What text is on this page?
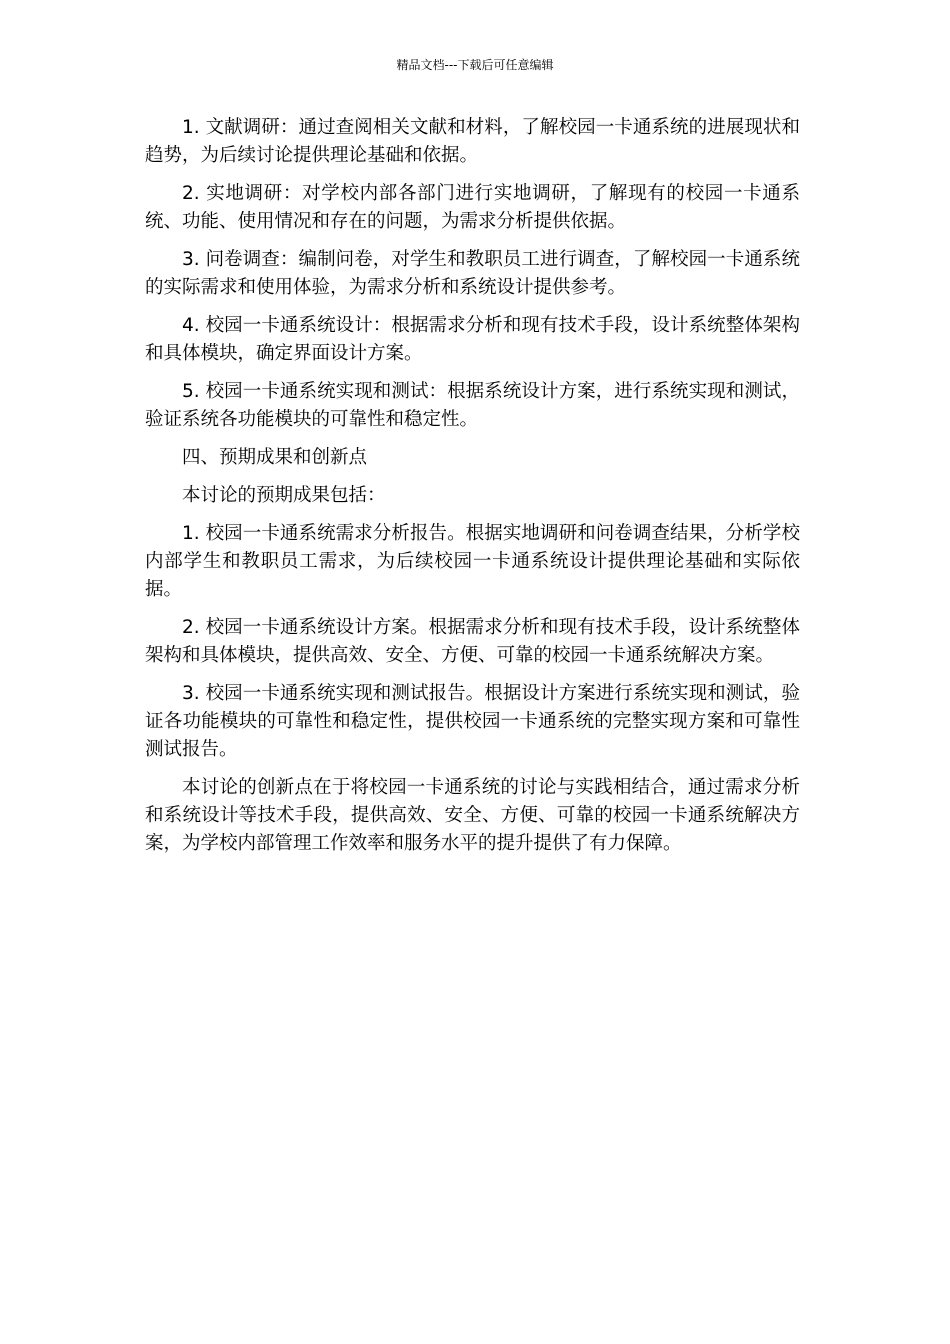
精品文档---下载后可任意编辑

1. 文献调研：通过查阅相关文献和材料，了解校园一卡通系统的进展现状和趋势，为后续讨论提供理论基础和依据。

2. 实地调研：对学校内部各部门进行实地调研，了解现有的校园一卡通系统、功能、使用情况和存在的问题，为需求分析提供依据。

3. 问卷调查：编制问卷，对学生和教职员工进行调查，了解校园一卡通系统的实际需求和使用体验，为需求分析和系统设计提供参考。

4. 校园一卡通系统设计：根据需求分析和现有技术手段，设计系统整体架构和具体模块，确定界面设计方案。

5. 校园一卡通系统实现和测试：根据系统设计方案，进行系统实现和测试，验证系统各功能模块的可靠性和稳定性。

四、预期成果和创新点

本讨论的预期成果包括：

1. 校园一卡通系统需求分析报告。根据实地调研和问卷调查结果，分析学校内部学生和教职员工需求，为后续校园一卡通系统设计提供理论基础和实际依据。

2. 校园一卡通系统设计方案。根据需求分析和现有技术手段，设计系统整体架构和具体模块，提供高效、安全、方便、可靠的校园一卡通系统解决方案。

3. 校园一卡通系统实现和测试报告。根据设计方案进行系统实现和测试，验证各功能模块的可靠性和稳定性，提供校园一卡通系统的完整实现方案和可靠性测试报告。

本讨论的创新点在于将校园一卡通系统的讨论与实践相结合，通过需求分析和系统设计等技术手段，提供高效、安全、方便、可靠的校园一卡通系统解决方案，为学校内部管理工作效率和服务水平的提升提供了有力保障。
